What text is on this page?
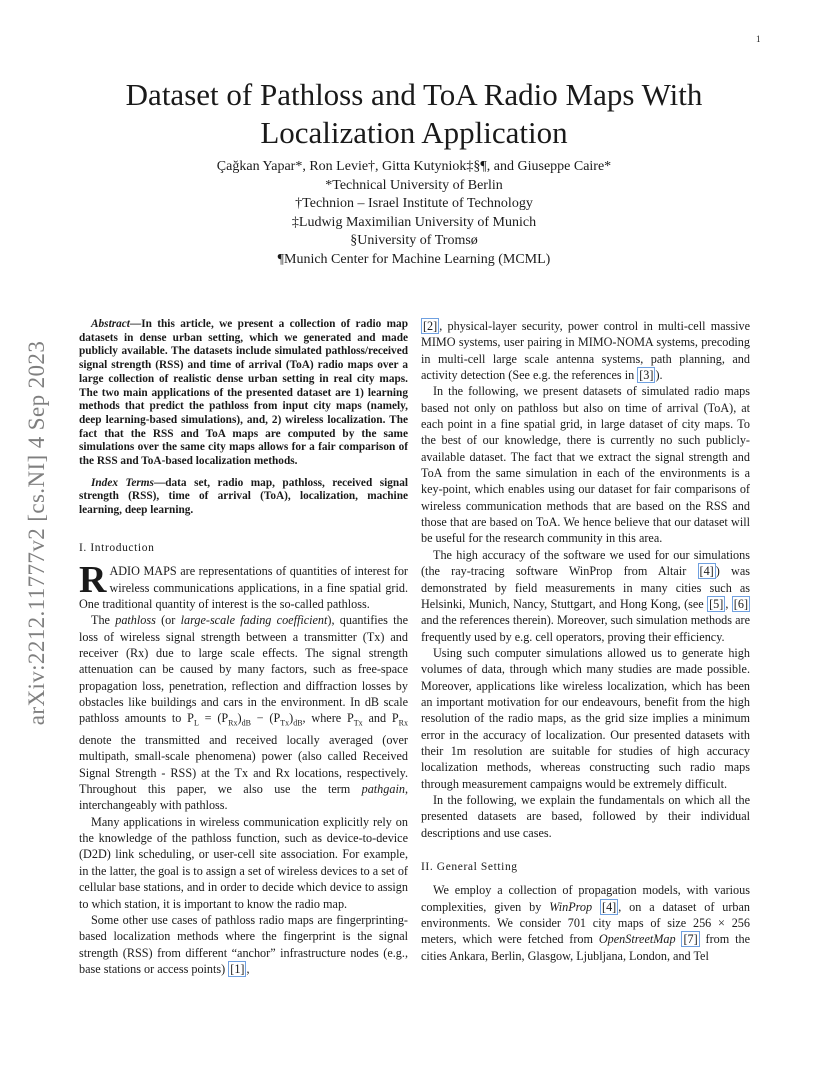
1
arXiv:2212.11777v2 [cs.NI] 4 Sep 2023
Dataset of Pathloss and ToA Radio Maps With
Localization Application
Çağkan Yapar*, Ron Levie†, Gitta Kutyniok‡§¶, and Giuseppe Caire*
*Technical University of Berlin
†Technion – Israel Institute of Technology
‡Ludwig Maximilian University of Munich
§University of Tromsø
¶Munich Center for Machine Learning (MCML)

Abstract—In this article, we present a collection of radio map datasets in dense urban setting, which we generated and made publicly available. The datasets include simulated pathloss/received signal strength (RSS) and time of arrival (ToA) radio maps over a large collection of realistic dense urban setting in real city maps. The two main applications of the presented dataset are 1) learning methods that predict the pathloss from input city maps (namely, deep learning-based simulations), and, 2) wireless localization. The fact that the RSS and ToA maps are computed by the same simulations over the same city maps allows for a fair comparison of the RSS and ToA-based localization methods.

Index Terms—data set, radio map, pathloss, received signal strength (RSS), time of arrival (ToA), localization, machine learning, deep learning.

I. Introduction

RADIO MAPS are representations of quantities of interest for wireless communications applications, in a fine spatial grid. One traditional quantity of interest is the so-called pathloss.

The pathloss (or large-scale fading coefficient), quantifies the loss of wireless signal strength between a transmitter (Tx) and receiver (Rx) due to large scale effects. The signal strength attenuation can be caused by many factors, such as free-space propagation loss, penetration, reflection and diffraction losses by obstacles like buildings and cars in the environment. In dB scale pathloss amounts to $P_L = (P_{Rx})_{dB} - (P_{Tx})_{dB}$, where $P_{Tx}$ and $P_{Rx}$ denote the transmitted and received locally averaged (over multipath, small-scale phenomena) power (also called Received Signal Strength - RSS) at the Tx and Rx locations, respectively. Throughout this paper, we also use the term pathgain, interchangeably with pathloss.

Many applications in wireless communication explicitly rely on the knowledge of the pathloss function, such as device-to-device (D2D) link scheduling, or user-cell site association. For example, in the latter, the goal is to assign a set of wireless devices to a set of cellular base stations, and in order to decide which device to assign to which station, it is important to know the radio map.

Some other use cases of pathloss radio maps are fingerprinting-based localization methods where the fingerprint is the signal strength (RSS) from different “anchor” infrastructure nodes (e.g., base stations or access points) [1] ,

[2] , physical-layer security, power control in multi-cell massive MIMO systems, user pairing in MIMO-NOMA systems, precoding in multi-cell large scale antenna systems, path planning, and activity detection (See e.g. the references in [3] ).

In the following, we present datasets of simulated radio maps based not only on pathloss but also on time of arrival (ToA), at each point in a fine spatial grid, in large dataset of city maps. To the best of our knowledge, there is currently no such publicly-available dataset. The fact that we extract the signal strength and ToA from the same simulation in each of the environments is a key-point, which enables using our dataset for fair comparisons of wireless communication methods that are based on the RSS and those that are based on ToA. We hence believe that our dataset will be useful for the research community in this area.

The high accuracy of the software we used for our simulations (the ray-tracing software WinProp from Altair [4] ) was demonstrated by field measurements in many cities such as Helsinki, Munich, Nancy, Stuttgart, and Hong Kong, (see [5] , [6] and the references therein). Moreover, such simulation methods are frequently used by e.g. cell operators, proving their efficiency.

Using such computer simulations allowed us to generate high volumes of data, through which many studies are made possible. Moreover, applications like wireless localization, which has been an important motivation for our endeavours, benefit from the high resolution of the radio maps, as the grid size implies a minimum error in the accuracy of localization. Our presented datasets with their 1m resolution are suitable for studies of high accuracy localization methods, whereas constructing such radio maps through measurement campaigns would be extremely difficult.

In the following, we explain the fundamentals on which all the presented datasets are based, followed by their individual descriptions and use cases.

II. General Setting

We employ a collection of propagation models, with various complexities, given by WinProp [4] , on a dataset of urban environments. We consider 701 city maps of size 256 × 256 meters, which were fetched from OpenStreetMap [7] from the cities Ankara, Berlin, Glasgow, Ljubljana, London, and Tel
